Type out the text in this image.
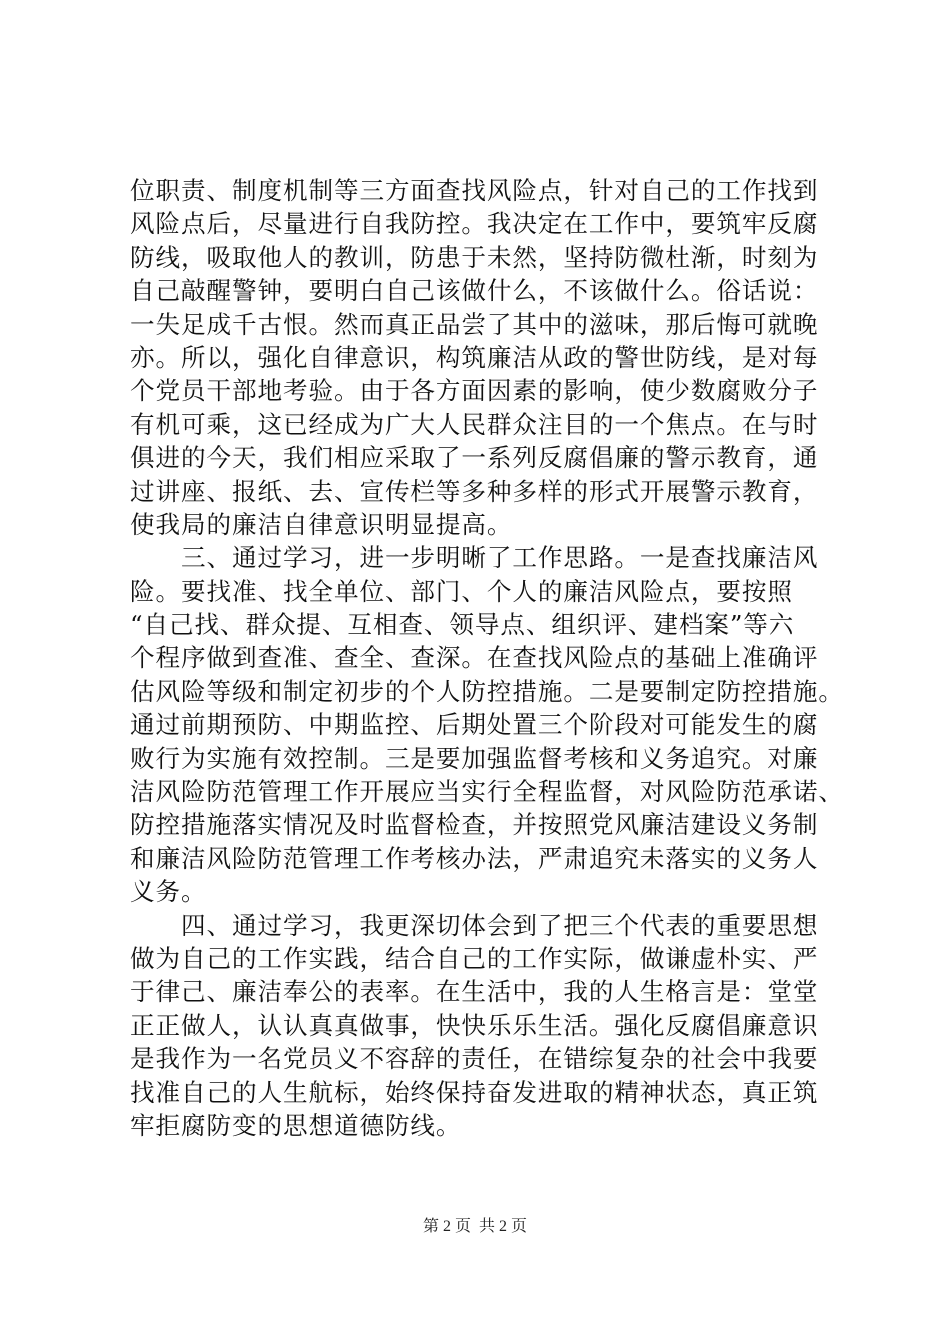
位职责、制度机制等三方面查找风险点，针对自己的工作找到
风险点后，尽量进行自我防控。我决定在工作中，要筑牢反腐
防线，吸取他人的教训，防患于未然，坚持防微杜渐，时刻为
自己敲醒警钟，要明白自己该做什么，不该做什么。俗话说：
一失足成千古恨。然而真正品尝了其中的滋味，那后悔可就晚
亦。所以，强化自律意识，构筑廉洁从政的警世防线，是对每
个党员干部地考验。由于各方面因素的影响，使少数腐败分子
有机可乘，这已经成为广大人民群众注目的一个焦点。在与时
俱进的今天，我们相应采取了一系列反腐倡廉的警示教育，通
过讲座、报纸、去、宣传栏等多种多样的形式开展警示教育，
使我局的廉洁自律意识明显提高。
　　三、通过学习，进一步明晰了工作思路。一是查找廉洁风
险。要找准、找全单位、部门、个人的廉洁风险点，要按照
“自己找、群众提、互相查、领导点、组织评、建档案”等六
个程序做到查准、查全、查深。在查找风险点的基础上准确评
估风险等级和制定初步的个人防控措施。二是要制定防控措施。
通过前期预防、中期监控、后期处置三个阶段对可能发生的腐
败行为实施有效控制。三是要加强监督考核和义务追究。对廉
洁风险防范管理工作开展应当实行全程监督，对风险防范承诺、
防控措施落实情况及时监督检查，并按照党风廉洁建设义务制
和廉洁风险防范管理工作考核办法，严肃追究未落实的义务人
义务。
　　四、通过学习，我更深切体会到了把三个代表的重要思想
做为自己的工作实践，结合自己的工作实际，做谦虚朴实、严
于律己、廉洁奉公的表率。在生活中，我的人生格言是：堂堂
正正做人，认认真真做事，快快乐乐生活。强化反腐倡廉意识
是我作为一名党员义不容辞的责任，在错综复杂的社会中我要
找准自己的人生航标，始终保持奋发进取的精神状态，真正筑
牢拒腐防变的思想道德防线。
第 2 页  共 2 页
